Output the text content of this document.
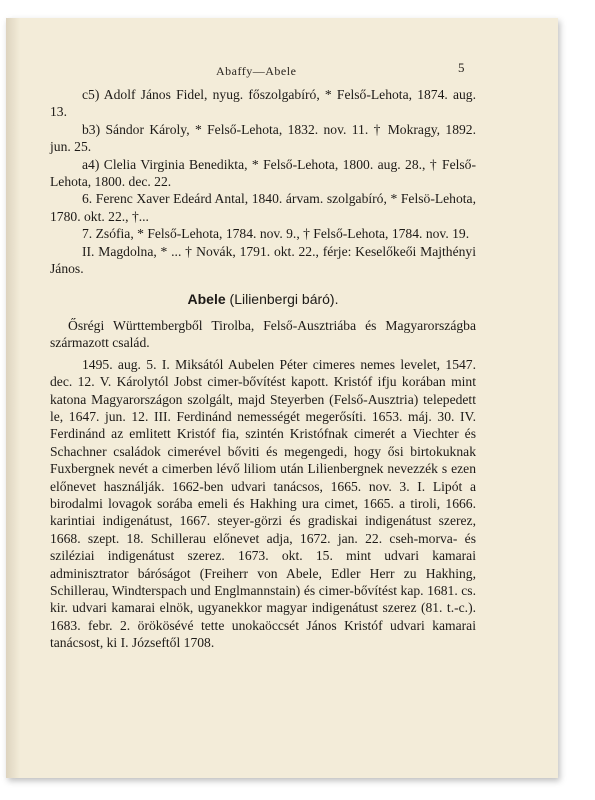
Abaffy—Abele	5

c5) Adolf János Fidel, nyug. főszolgabíró, * Felső-Lehota, 1874. aug. 13.

b3) Sándor Károly, * Felső-Lehota, 1832. nov. 11. † Mokragy, 1892. jun. 25.

a4) Clelia Virginia Benedikta, * Felső-Lehota, 1800. aug. 28., † Felső-Lehota, 1800. dec. 22.

6. Ferenc Xaver Edeárd Antal, 1840. árvam. szolgabíró, * Felsö-Lehota, 1780. okt. 22., †...

7. Zsófia, * Felső-Lehota, 1784. nov. 9., † Felső-Lehota, 1784. nov. 19.

II. Magdolna, * ... † Novák, 1791. okt. 22., férje: Keselőkeői Majthényi János.

Abele (Lilienbergi báró).

Ősrégi Württembergből Tirolba, Felső-Ausztriába és Magyarországba származott család.

1495. aug. 5. I. Miksától Aubelen Péter cimeres nemes levelet, 1547. dec. 12. V. Károlytól Jobst cimer-bővítést kapott. Kristóf ifju korában mint katona Magyarországon szolgált, majd Steyerben (Felső-Ausztria) telepedett le, 1647. jun. 12. III. Ferdinánd nemességét megerősíti. 1653. máj. 30. IV. Ferdinánd az emlitett Kristóf fia, szintén Kristófnak cimerét a Viechter és Schachner családok cimerével bőviti és megengedi, hogy ősi birtokuknak Fuxbergnek nevét a cimerben lévő liliom után Lilienbergnek nevezzék s ezen előnevet használják. 1662-ben udvari tanácsos, 1665. nov. 3. I. Lipót a birodalmi lovagok sorába emeli és Hakhing ura cimet, 1665. a tiroli, 1666. karintiai indigenátust, 1667. steyer-görzi és gradiskai indigenátust szerez, 1668. szept. 18. Schillerau előnevet adja, 1672. jan. 22. cseh-morva- és sziléziai indigenátust szerez. 1673. okt. 15. mint udvari kamarai adminisztrator báróságot (Freiherr von Abele, Edler Herr zu Hakhing, Schillerau, Windterspach und Englmannstain) és cimer-bővítést kap. 1681. cs. kir. udvari kamarai elnök, ugyanekkor magyar indigenátust szerez (81. t.-c.). 1683. febr. 2. örökösévé tette unokaöccsét János Kristóf udvari kamarai tanácsost, ki I. Józseftől 1708.
